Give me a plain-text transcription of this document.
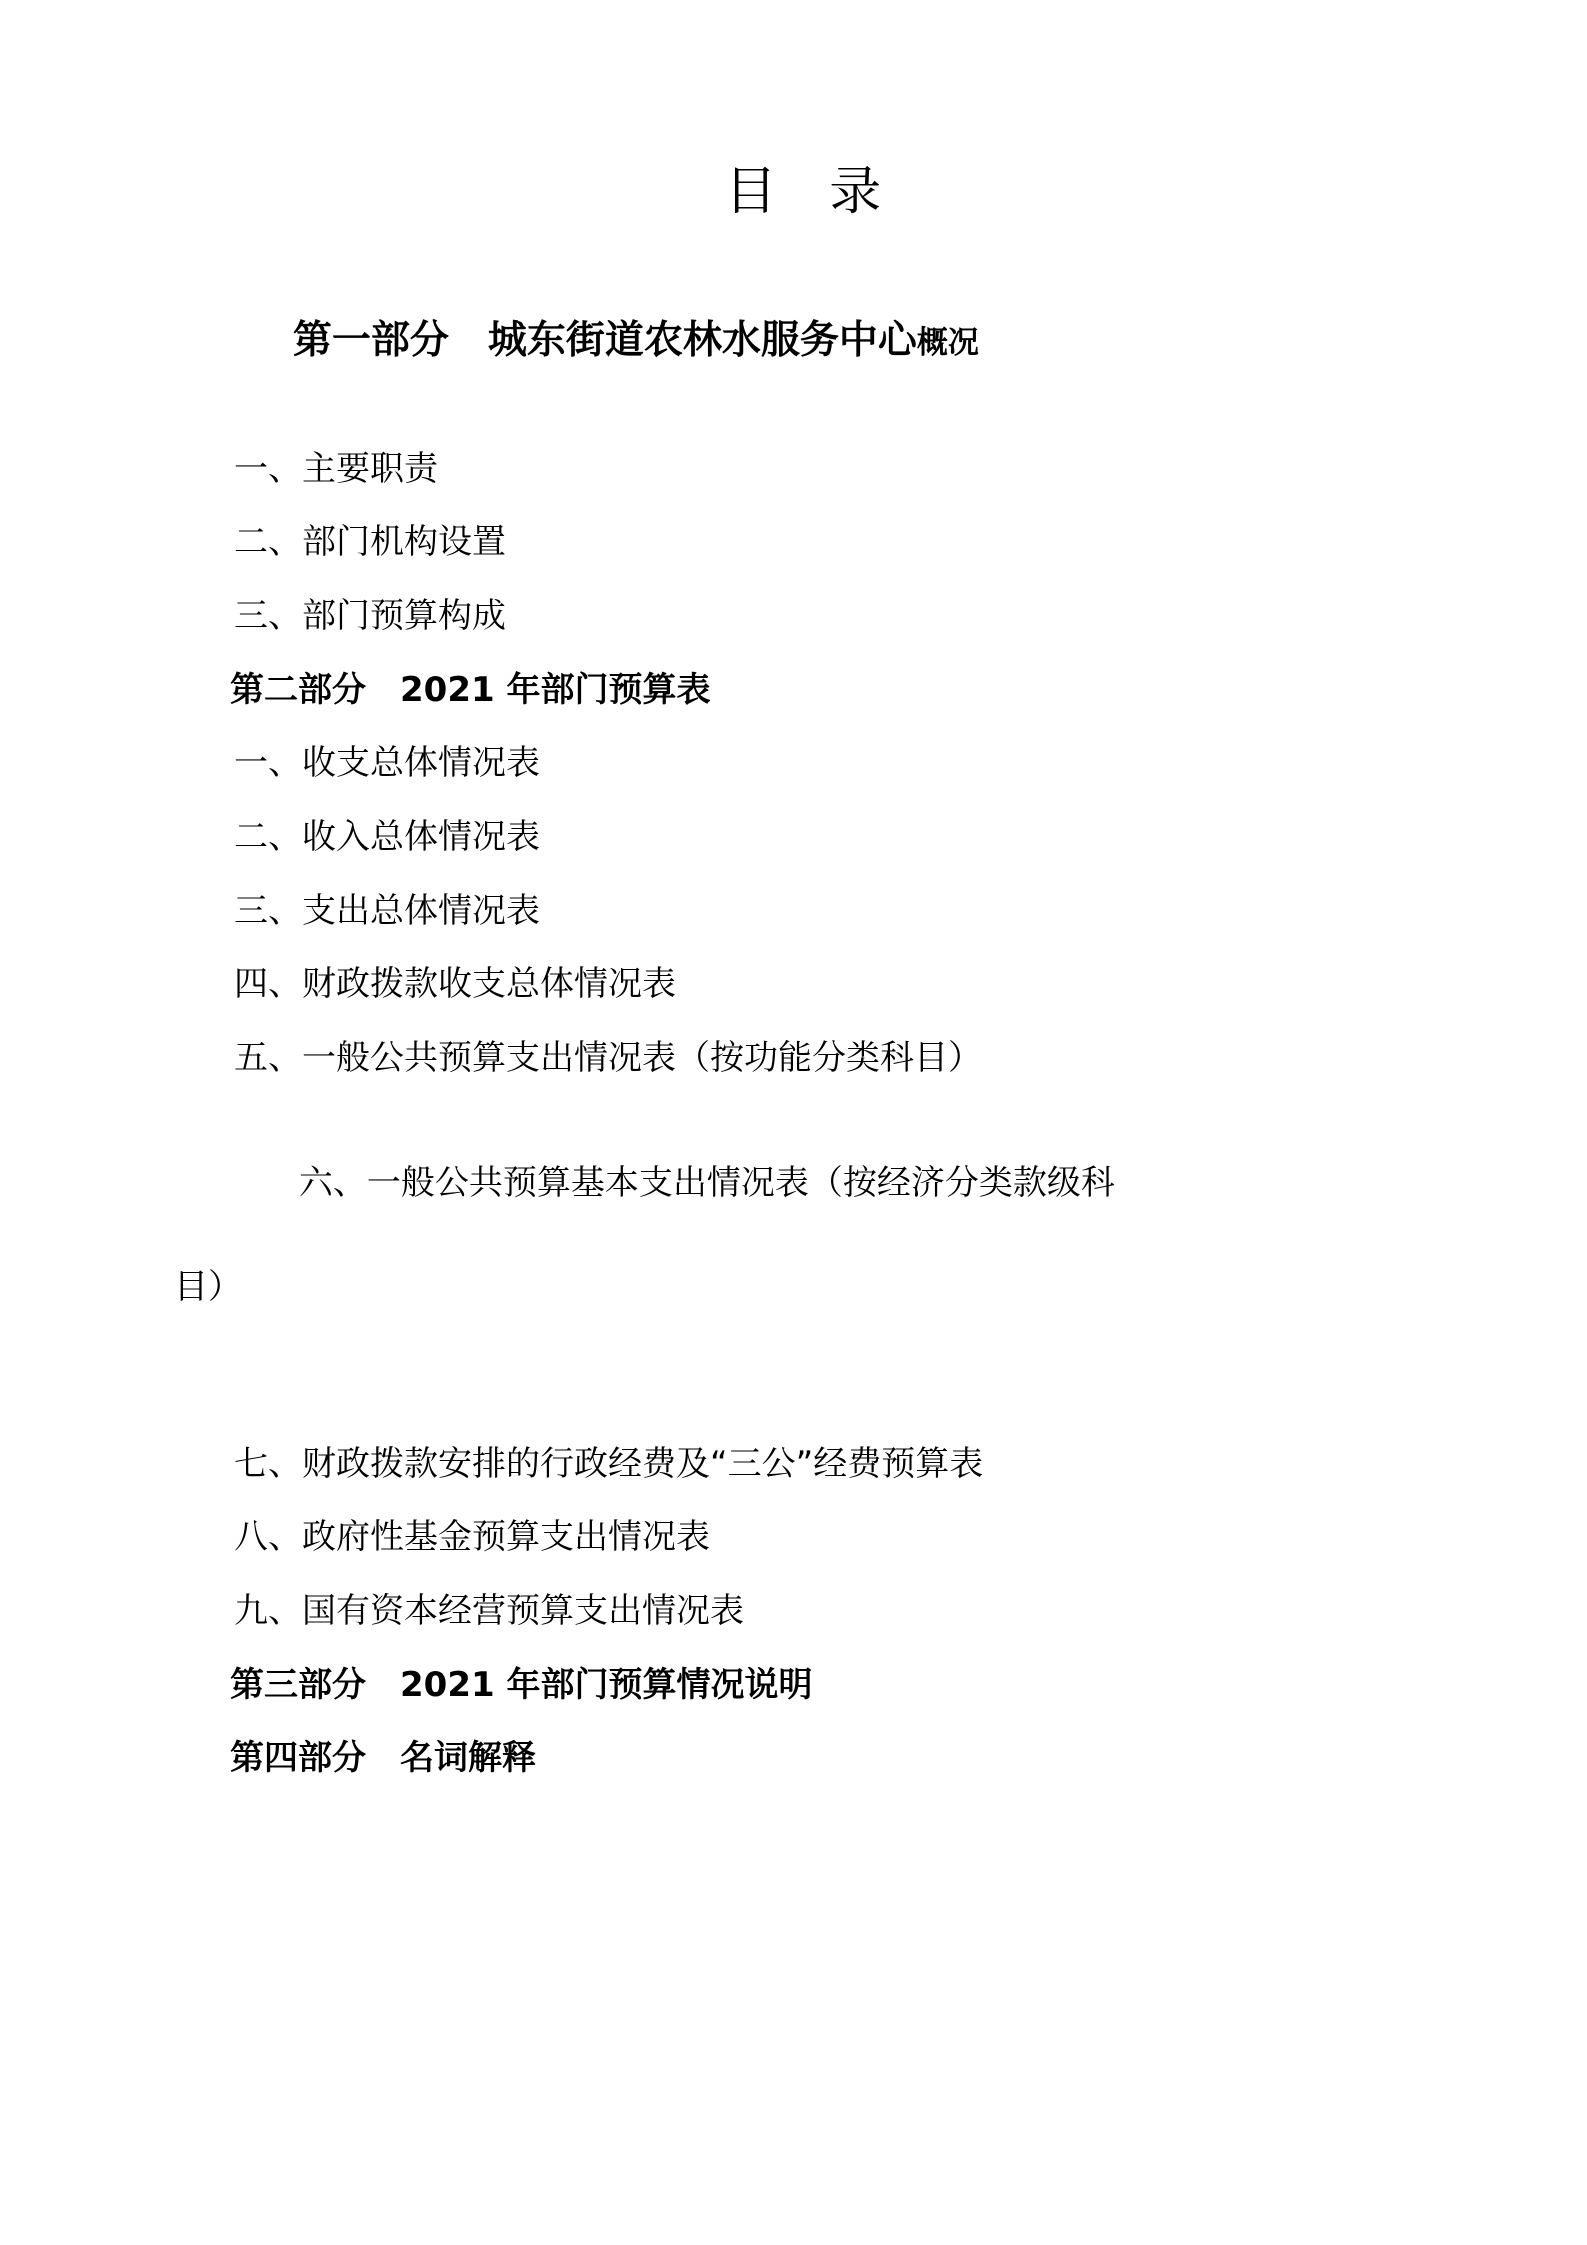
目 录

第一部分　城东街道农林水服务中心概况

一、主要职责
二、部门机构设置
三、部门预算构成
第二部分　2021 年部门预算表
一、收支总体情况表
二、收入总体情况表
三、支出总体情况表
四、财政拨款收支总体情况表
五、一般公共预算支出情况表（按功能分类科目）

六、一般公共预算基本支出情况表（按经济分类款级科

目）

七、财政拨款安排的行政经费及“三公”经费预算表
八、政府性基金预算支出情况表
九、国有资本经营预算支出情况表
第三部分　2021 年部门预算情况说明
第四部分　名词解释
